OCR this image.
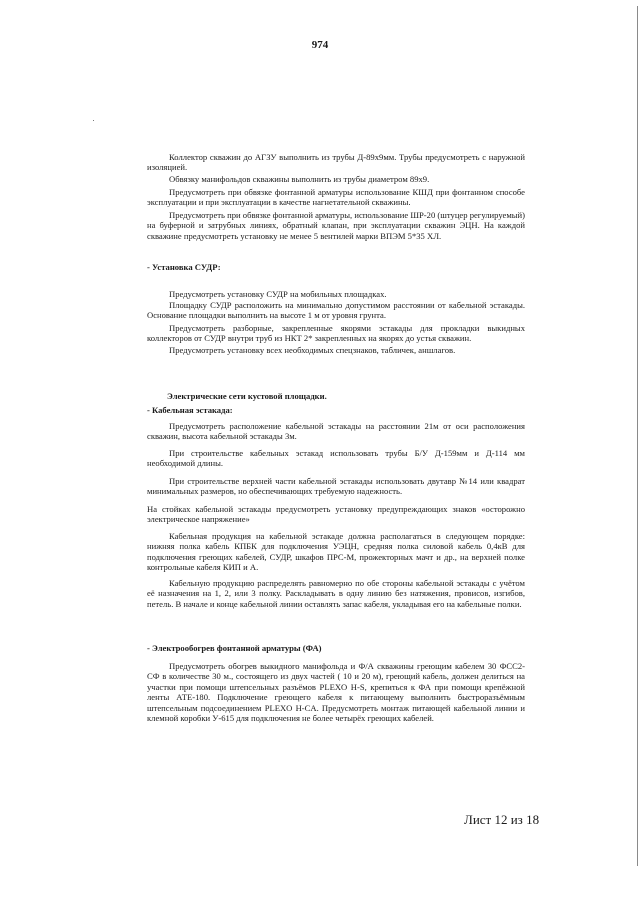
974
Коллектор скважин до АГЗУ выполнить из трубы Д-89х9мм. Трубы предусмотреть с наружной изоляцией.
Обвязку манифольдов скважины выполнить из трубы диаметром 89х9.
Предусмотреть при обвязке фонтанной арматуры использование КШД при фонтанном способе эксплуатации и при эксплуатации в качестве нагнетательной скважины.
Предусмотреть при обвязке фонтанной арматуры, использование ШР-20 (штуцер регулируемый) на буферной и затрубных линиях, обратный клапан, при эксплуатации скважин ЭЦН. На каждой скважине предусмотреть установку не менее 5 вентилей марки ВПЭМ 5*35 ХЛ.
- Установка СУДР:
Предусмотреть установку СУДР на мобильных площадках.
Площадку СУДР расположить на минимально допустимом расстоянии от кабельной эстакады. Основание площадки выполнить на высоте 1 м от уровня грунта.
Предусмотреть разборные, закрепленные якорями эстакады для прокладки выкидных коллекторов от СУДР внутри труб из НКТ 2* закрепленных на якорях до устья скважин.
Предусмотреть установку всех необходимых спецзнаков, табличек, аншлагов.
Электрические сети кустовой площадки.
- Кабельная эстакада:
Предусмотреть расположение кабельной эстакады на расстоянии 21м от оси расположения скважин, высота кабельной эстакады 3м.
При строительстве кабельных эстакад использовать трубы Б/У Д-159мм и Д-114 мм необходимой длины.
При строительстве верхней части кабельной эстакады использовать двутавр №14 или квадрат минимальных размеров, но обеспечивающих требуемую надежность.
На стойках кабельной эстакады предусмотреть установку предупреждающих знаков «осторожно электрическое напряжение»
Кабельная продукция на кабельной эстакаде должна располагаться в следующем порядке: нижняя полка кабель КПБК для подключения УЭЦН, средняя полка силовой кабель 0,4кВ для подключения греющих кабелей, СУДР, шкафов ПРС-М, прожекторных мачт и др., на верхней полке контрольные кабеля КИП и А.
Кабельную продукцию распределять равномерно по обе стороны кабельной эстакады с учётом её назначения на 1, 2, или 3 полку. Раскладывать в одну линию без натяжения, провисов, изгибов, петель. В начале и конце кабельной линии оставлять запас кабеля, укладывая его на кабельные полки.
- Электрообогрев фонтанной арматуры (ФА)
Предусмотреть обогрев выкидного манифольда и Ф/А скважины греющим кабелем 30 ФСС2-СФ в количестве 30 м., состоящего из двух частей ( 10 и 20 м), греющий кабель, должен делиться на участки при помощи штепсельных разъёмов PLEXO H-S, крепиться к ФА при помощи крепёжной ленты АТЕ-180. Подключение греющего кабеля к питающему выполнить быстроразъёмным штепсельным подсоединением PLEXO H-CA. Предусмотреть монтаж питающей кабельной линии и клемной коробки У-615 для подключения не более четырёх греющих кабелей.
Лист 12 из 18
